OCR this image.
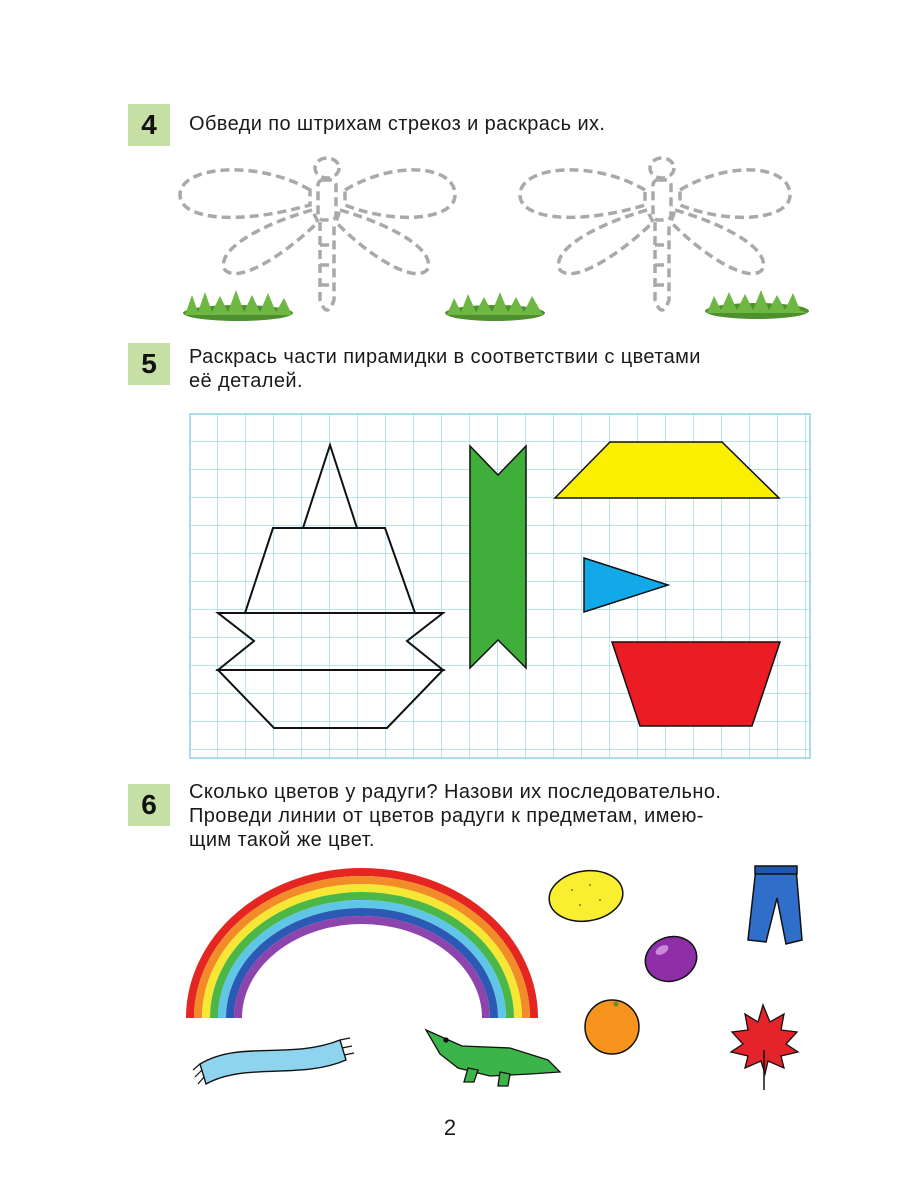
4	Обведи по штрихам стрекоз и раскрась их.
5	Раскрась части пирамидки в соответствии с цветами
её деталей.
6	Сколько цветов у радуги? Назови их последовательно.
Проведи линии от цветов радуги к предметам, имею-
щим такой же цвет.
2
